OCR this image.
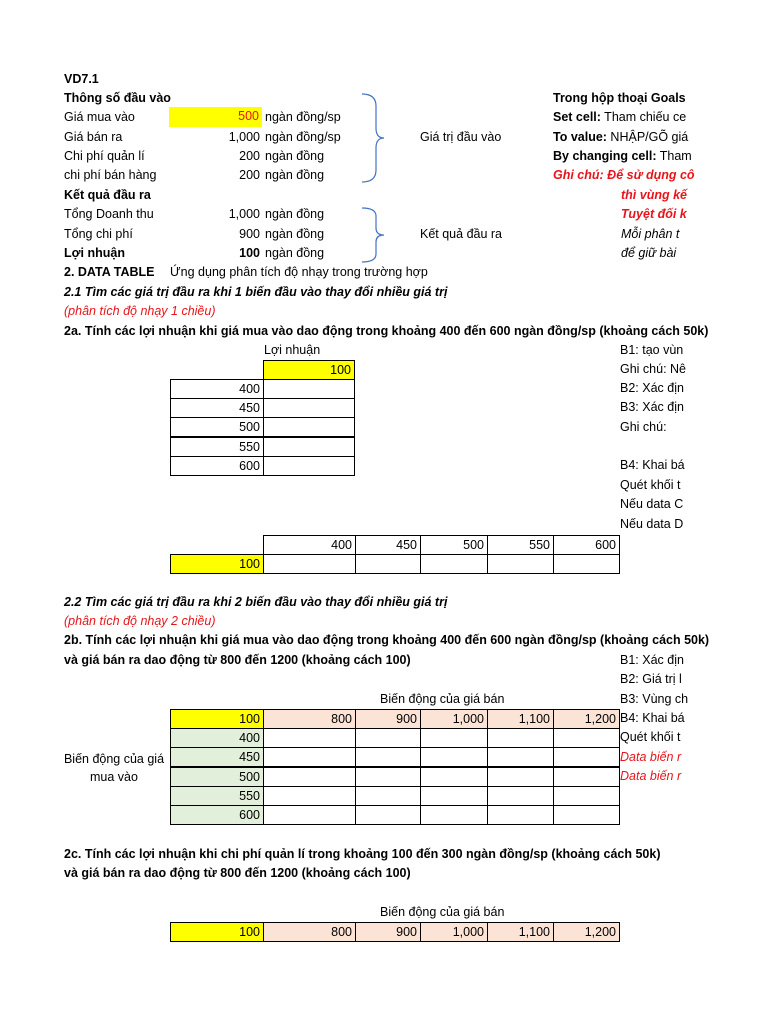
VD7.1
Thông số đầu vào
Giá mua vào	500 ngàn đồng/sp
Giá bán ra	1,000 ngàn đồng/sp
Chi phí quản lí	200 ngàn đồng
chi phí bán hàng	200 ngàn đồng
Giá trị đầu vào
Kết quả đầu ra
Tổng Doanh thu	1,000 ngàn đồng
Tổng chi phí	900 ngàn đồng
Lợi nhuận	100 ngàn đồng
Kết quả đầu ra
Trong hộp thoại Goals
Set cell: Tham chiếu ce
To value: NHẬP/GÕ giá
By changing cell: Tham
Ghi chú: Để sử dụng cô
thì vùng kế
Tuyệt đối k
Mỗi phân t
để giữ bài
2. DATA TABLE Ứng dụng phân tích độ nhạy trong trường hợp
2.1 Tìm các giá trị đầu ra khi 1 biến đầu vào thay đổi nhiều giá trị
(phân tích độ nhạy 1 chiều)
2a. Tính các lợi nhuận khi giá mua vào dao động trong khoảng 400 đến 600 ngàn đồng/sp (khoảng cách 50k)
Lợi nhuận
100
400
450
500
550
600
B1: tạo vùn
Ghi chú: Nê
B2: Xác địn
B3: Xác địn
Ghi chú:
B4: Khai bá
Quét khối t
Nếu data C
Nếu data D
400	450	500	550	600
100
2.2 Tìm các giá trị đầu ra khi 2 biến đầu vào thay đổi nhiều giá trị
(phân tích độ nhạy 2 chiều)
2b. Tính các lợi nhuận khi giá mua vào dao động trong khoảng 400 đến 600 ngàn đồng/sp (khoảng cách 50k)
và giá bán ra dao động từ 800 đến 1200 (khoảng cách 100)
Biến động của giá bán
Biến động của giá mua vào
100	800	900	1,000	1,100	1,200
400
450
500
550
600
B1: Xác địn
B2: Giá trị l
B3: Vùng ch
B4: Khai bá
Quét khối t
Data biến r
Data biến r
2c. Tính các lợi nhuận khi chi phí quản lí trong khoảng 100 đến 300 ngàn đồng/sp (khoảng cách 50k)
và giá bán ra dao động từ 800 đến 1200 (khoảng cách 100)
Biến động của giá bán
100	800	900	1,000	1,100	1,200
